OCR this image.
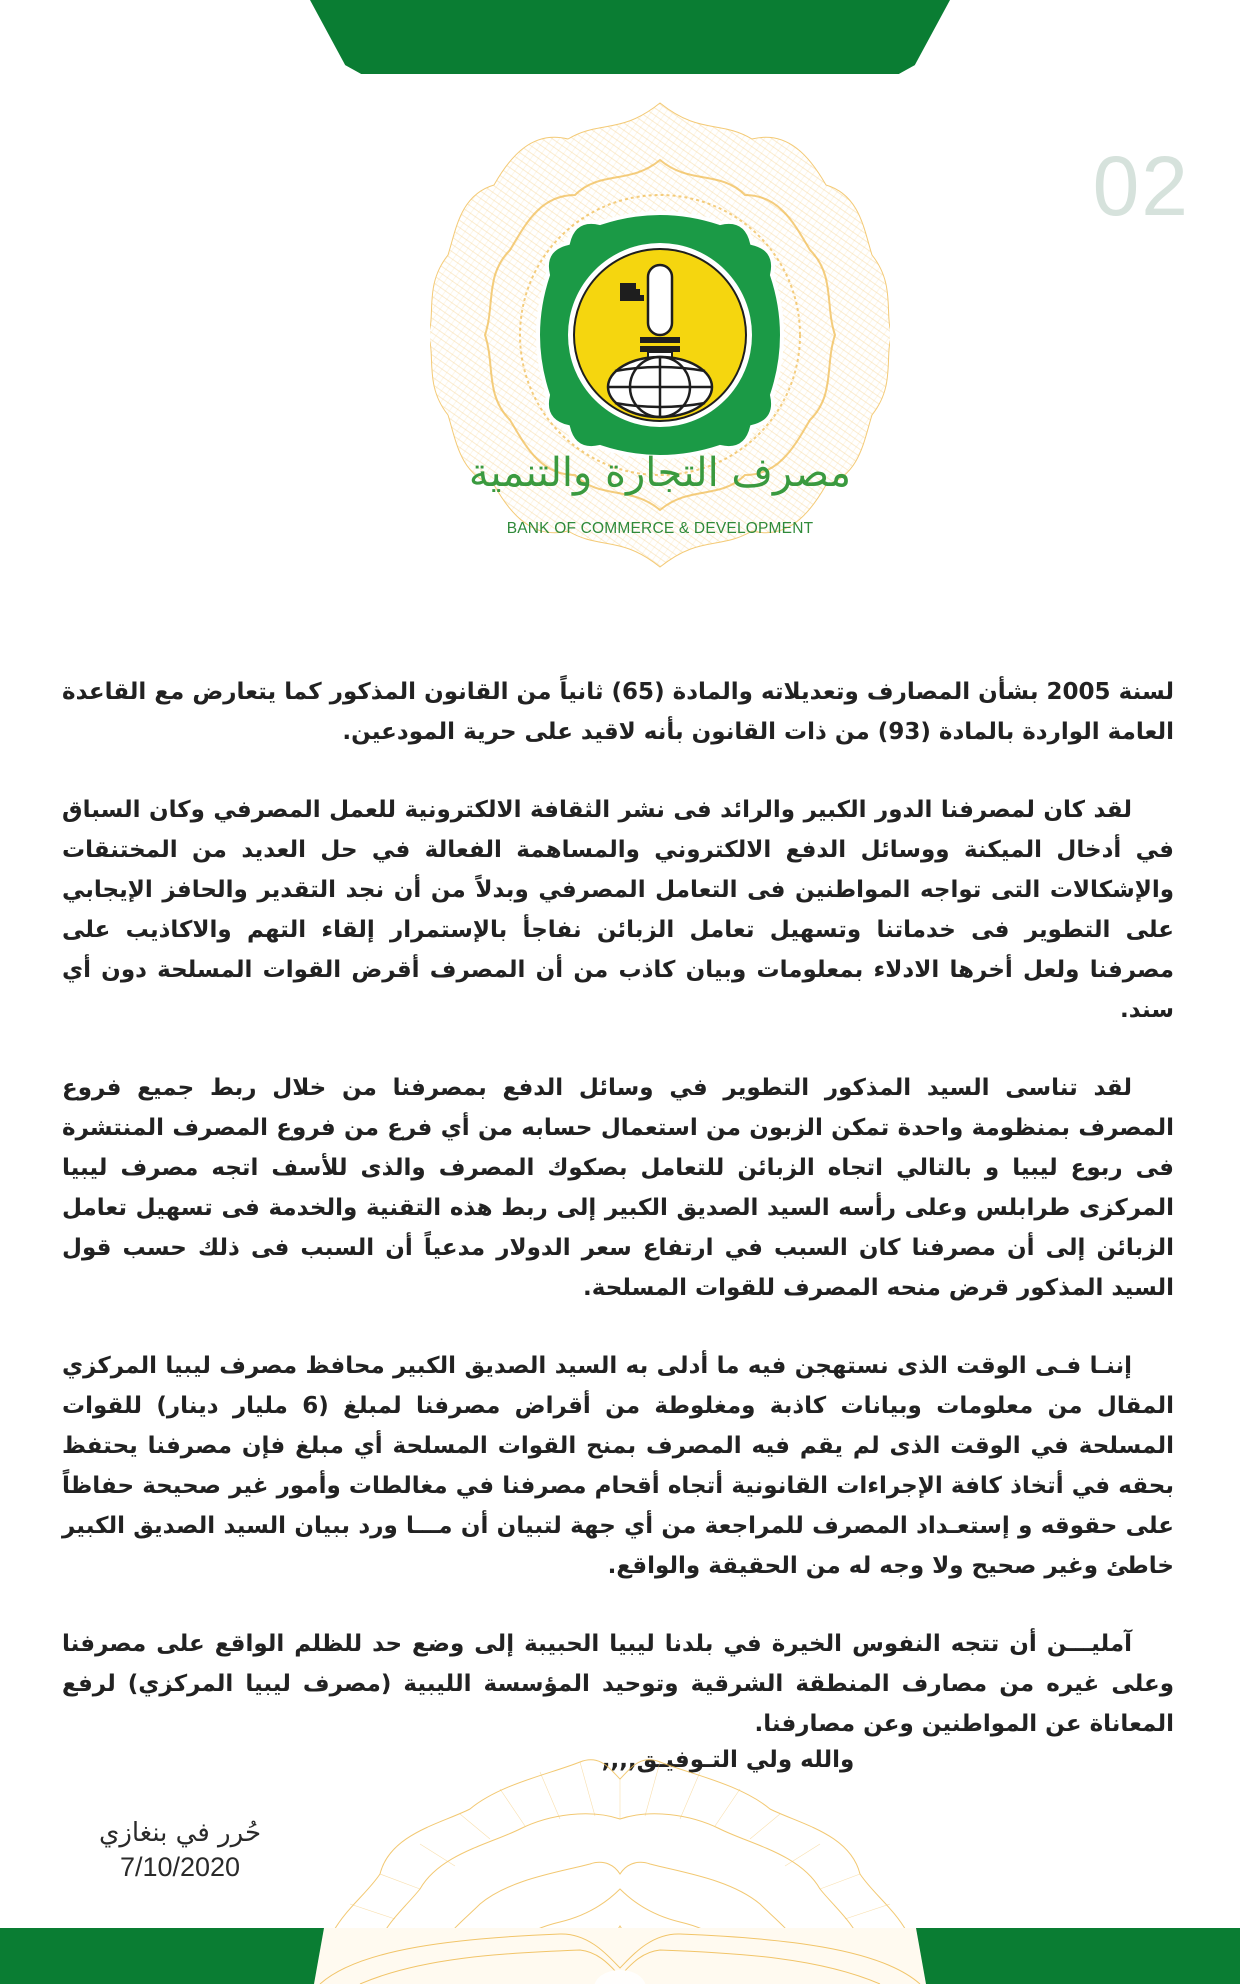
02
مصرف التجارة والتنمية
BANK OF COMMERCE & DEVELOPMENT

لسنة 2005 بشأن المصارف وتعديلاته والمادة (65) ثانياً من القانون المذكور كما يتعارض مع القاعدة العامة الواردة بالمادة (93) من ذات القانون بأنه لاقيد على حرية المودعين.

لقد كان لمصرفنا الدور الكبير والرائد فى نشر الثقافة الالكترونية للعمل المصرفي وكان السباق في أدخال الميكنة ووسائل الدفع الالكتروني والمساهمة الفعالة في حل العديد من المختنقات والإشكالات التى تواجه المواطنين فى التعامل المصرفي وبدلاً من أن نجد التقدير والحافز الإيجابي على التطوير فى خدماتنا وتسهيل تعامل الزبائن نفاجأ بالإستمرار إلقاء التهم والاكاذيب على مصرفنا ولعل أخرها الادلاء بمعلومات وبيان كاذب من أن المصرف أقرض القوات المسلحة دون أي سند.

لقد تناسى السيد المذكور التطوير في وسائل الدفع بمصرفنا من خلال ربط جميع فروع المصرف بمنظومة واحدة تمكن الزبون من استعمال حسابه من أي فرع من فروع المصرف المنتشرة فى ربوع ليبيا و بالتالي اتجاه الزبائن للتعامل بصكوك المصرف والذى للأسف اتجه مصرف ليبيا المركزى طرابلس وعلى رأسه السيد الصديق الكبير إلى ربط هذه التقنية والخدمة فى تسهيل تعامل الزبائن إلى أن مصرفنا كان السبب في ارتفاع سعر الدولار مدعياً أن السبب فى ذلك حسب قول السيد المذكور قرض منحه المصرف للقوات المسلحة.

إننـا فـى الوقت الذى نستهجن فيه ما أدلى به السيد الصديق الكبير محافظ مصرف ليبيا المركزي المقال من معلومات وبيانات كاذبة ومغلوطة من أقراض مصرفنا لمبلغ (6 مليار دينار) للقوات المسلحة في الوقت الذى لم يقم فيه المصرف بمنح القوات المسلحة أي مبلغ فإن مصرفنا يحتفظ بحقه في أتخاذ كافة الإجراءات القانونية أتجاه أقحام مصرفنا في مغالطات وأمور غير صحيحة حفاظاً على حقوقه و إستعـداد المصرف للمراجعة من أي جهة لتبيان أن مـــا ورد ببيان السيد الصديق الكبير خاطئ وغير صحيح ولا وجه له من الحقيقة والواقع.

آمليـــن أن تتجه النفوس الخيرة في بلدنا ليبيا الحبيبة إلى وضع حد للظلم الواقع على مصرفنا وعلى غيره من مصارف المنطقة الشرقية وتوحيد المؤسسة الليبية (مصرف ليبيا المركزي) لرفع المعاناة عن المواطنين وعن مصارفنا.

والله ولي التـوفيـق,,,,

حُرر في بنغازي
7/10/2020
